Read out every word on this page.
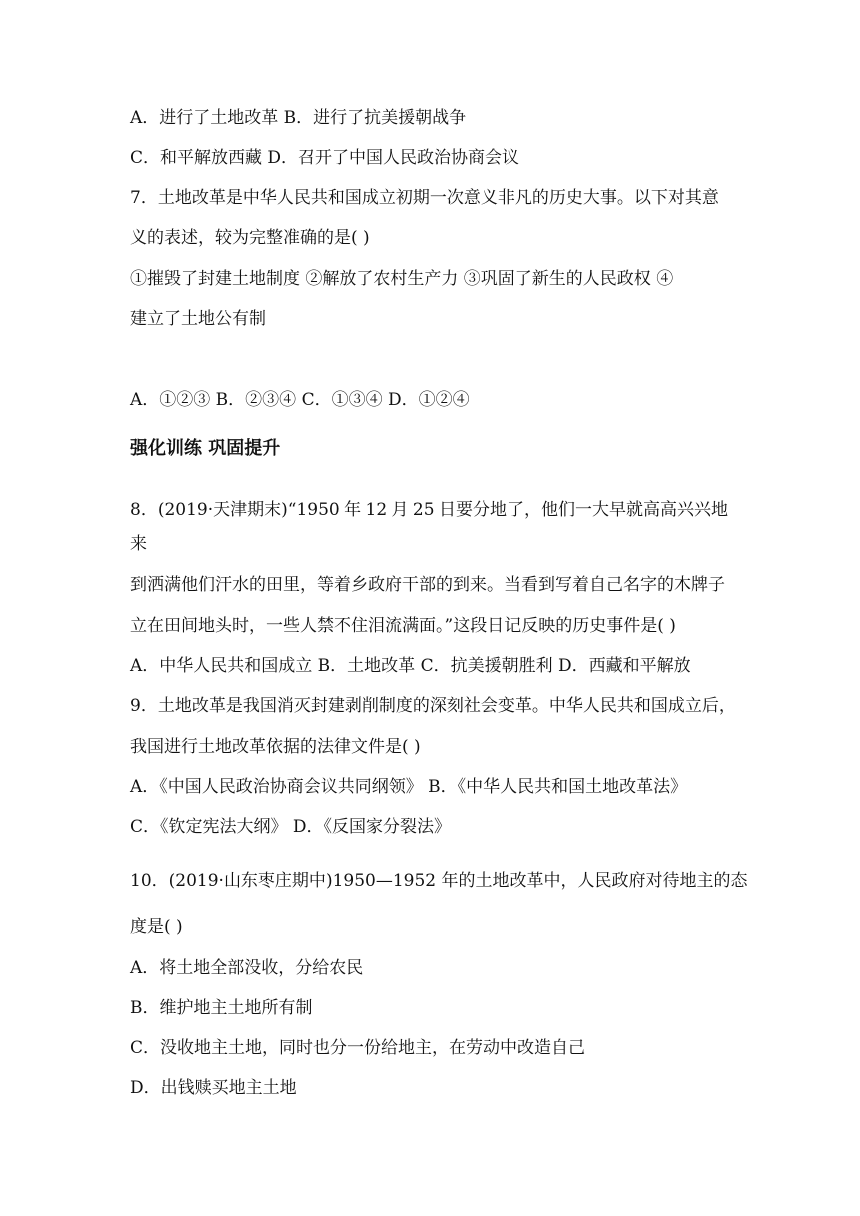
A．进行了土地改革 B．进行了抗美援朝战争
C．和平解放西藏 D．召开了中国人民政治协商会议
7．土地改革是中华人民共和国成立初期一次意义非凡的历史大事。以下对其意
义的表述，较为完整准确的是( )
①摧毁了封建土地制度 ②解放了农村生产力 ③巩固了新生的人民政权 ④
建立了土地公有制
A．①②③ B．②③④ C．①③④ D．①②④
强化训练 巩固提升
8．(2019·天津期末)“1950 年 12 月 25 日要分地了，他们一大早就高高兴兴地
来
到洒满他们汗水的田里，等着乡政府干部的到来。当看到写着自己名字的木牌子
立在田间地头时，一些人禁不住泪流满面。”这段日记反映的历史事件是( )
A．中华人民共和国成立 B．土地改革 C．抗美援朝胜利 D．西藏和平解放
9．土地改革是我国消灭封建剥削制度的深刻社会变革。中华人民共和国成立后，
我国进行土地改革依据的法律文件是( )
A．《中国人民政治协商会议共同纲领》 B．《中华人民共和国土地改革法》
C．《钦定宪法大纲》 D．《反国家分裂法》
10．(2019·山东枣庄期中)1950—1952 年的土地改革中，人民政府对待地主的态
度是( )
A．将土地全部没收，分给农民
B．维护地主土地所有制
C．没收地主土地，同时也分一份给地主，在劳动中改造自己
D．出钱赎买地主土地
